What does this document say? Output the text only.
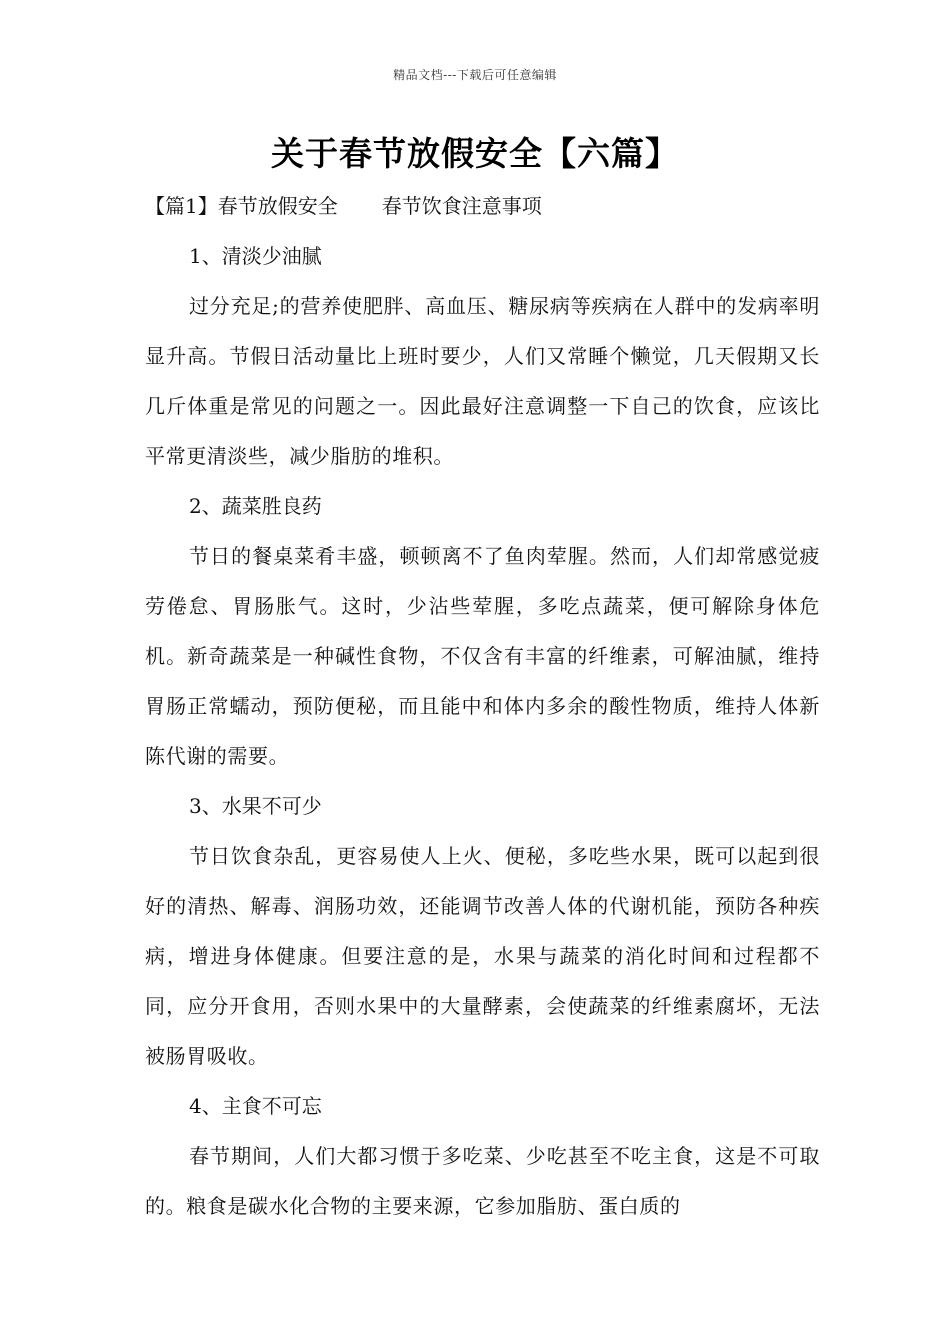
精品文档---下载后可任意编辑
关于春节放假安全【六篇】

【篇1】春节放假安全 春节饮食注意事项

1、清淡少油腻

过分充足;的营养使肥胖、高血压、糖尿病等疾病在人群中的发病率明显升高。节假日活动量比上班时要少，人们又常睡个懒觉，几天假期又长几斤体重是常见的问题之一。因此最好注意调整一下自己的饮食，应该比平常更清淡些，减少脂肪的堆积。

2、蔬菜胜良药

节日的餐桌菜肴丰盛，顿顿离不了鱼肉荤腥。然而，人们却常感觉疲劳倦怠、胃肠胀气。这时，少沾些荤腥，多吃点蔬菜，便可解除身体危机。新奇蔬菜是一种碱性食物，不仅含有丰富的纤维素，可解油腻，维持胃肠正常蠕动，预防便秘，而且能中和体内多余的酸性物质，维持人体新陈代谢的需要。

3、水果不可少

节日饮食杂乱，更容易使人上火、便秘，多吃些水果，既可以起到很好的清热、解毒、润肠功效，还能调节改善人体的代谢机能，预防各种疾病，增进身体健康。但要注意的是，水果与蔬菜的消化时间和过程都不同，应分开食用，否则水果中的大量酵素，会使蔬菜的纤维素腐坏，无法被肠胃吸收。

4、主食不可忘

春节期间，人们大都习惯于多吃菜、少吃甚至不吃主食，这是不可取的。粮食是碳水化合物的主要来源，它参加脂肪、蛋白质的
